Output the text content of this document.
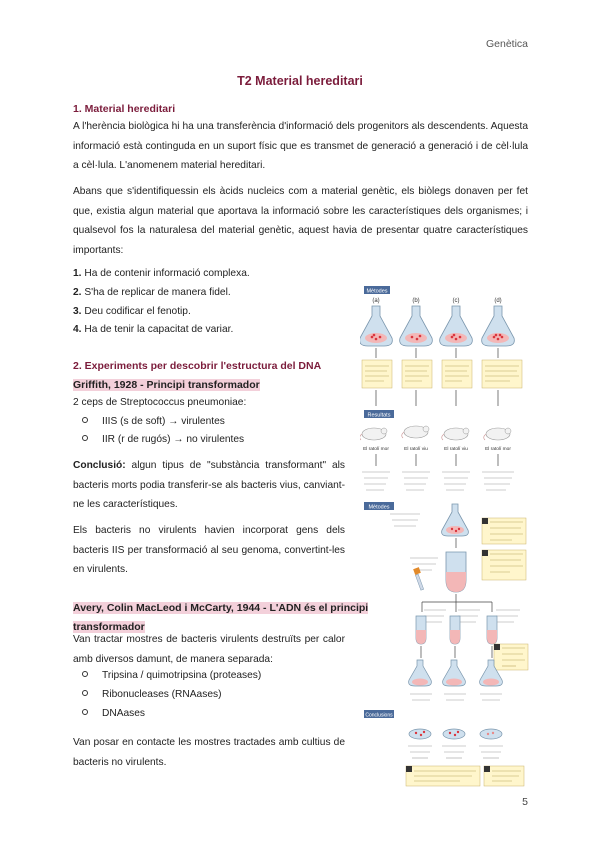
Genètica
T2 Material hereditari
1. Material hereditari
A l'herència biològica hi ha una transferència d'informació dels progenitors als descendents. Aquesta informació està continguda en un suport físic que es transmet de generació a generació i de cèl·lula a cèl·lula. L'anomenem material hereditari.
Abans que s'identifiquessin els àcids nucleics com a material genètic, els biòlegs donaven per fet que, existia algun material que aportava la informació sobre les característiques dels organismes; i qualsevol fos la naturalesa del material genètic, aquest havia de presentar quatre característiques importants:
1. Ha de contenir informació complexa.
2. S'ha de replicar de manera fidel.
3. Deu codificar el fenotip.
4. Ha de tenir la capacitat de variar.
2. Experiments per descobrir l'estructura del DNA
Griffith, 1928 - Principi transformador
2 ceps de Streptococcus pneumoniae:
IIIS (s de soft) → virulentes
IIR (r de rugós) → no virulentes
Conclusió: algun tipus de "substància transformant" als bacteris morts podia transferir-se als bacteris vius, canviant-ne les característiques.
Els bacteris no virulents havien incorporat gens dels bacteris IIS per transformació al seu genoma, convertint-les en virulents.
Avery, Colin MacLeod i McCarty, 1944 - L'ADN és el principi
transformador
Van tractar mostres de bacteris virulents destruïts per calor amb diversos damunt, de manera separada:
Tripsina / quimotripsina (proteases)
Ribonucleases (RNAases)
DNAases
Van posar en contacte les mostres tractades amb cultius de bacteris no virulents.
Mètodes
(a)	(b)	(c)	(d)
Resultats
El ratolí mor	El ratolí viu	El ratolí viu	El ratolí mor
Mètodes
Conclusions
5
